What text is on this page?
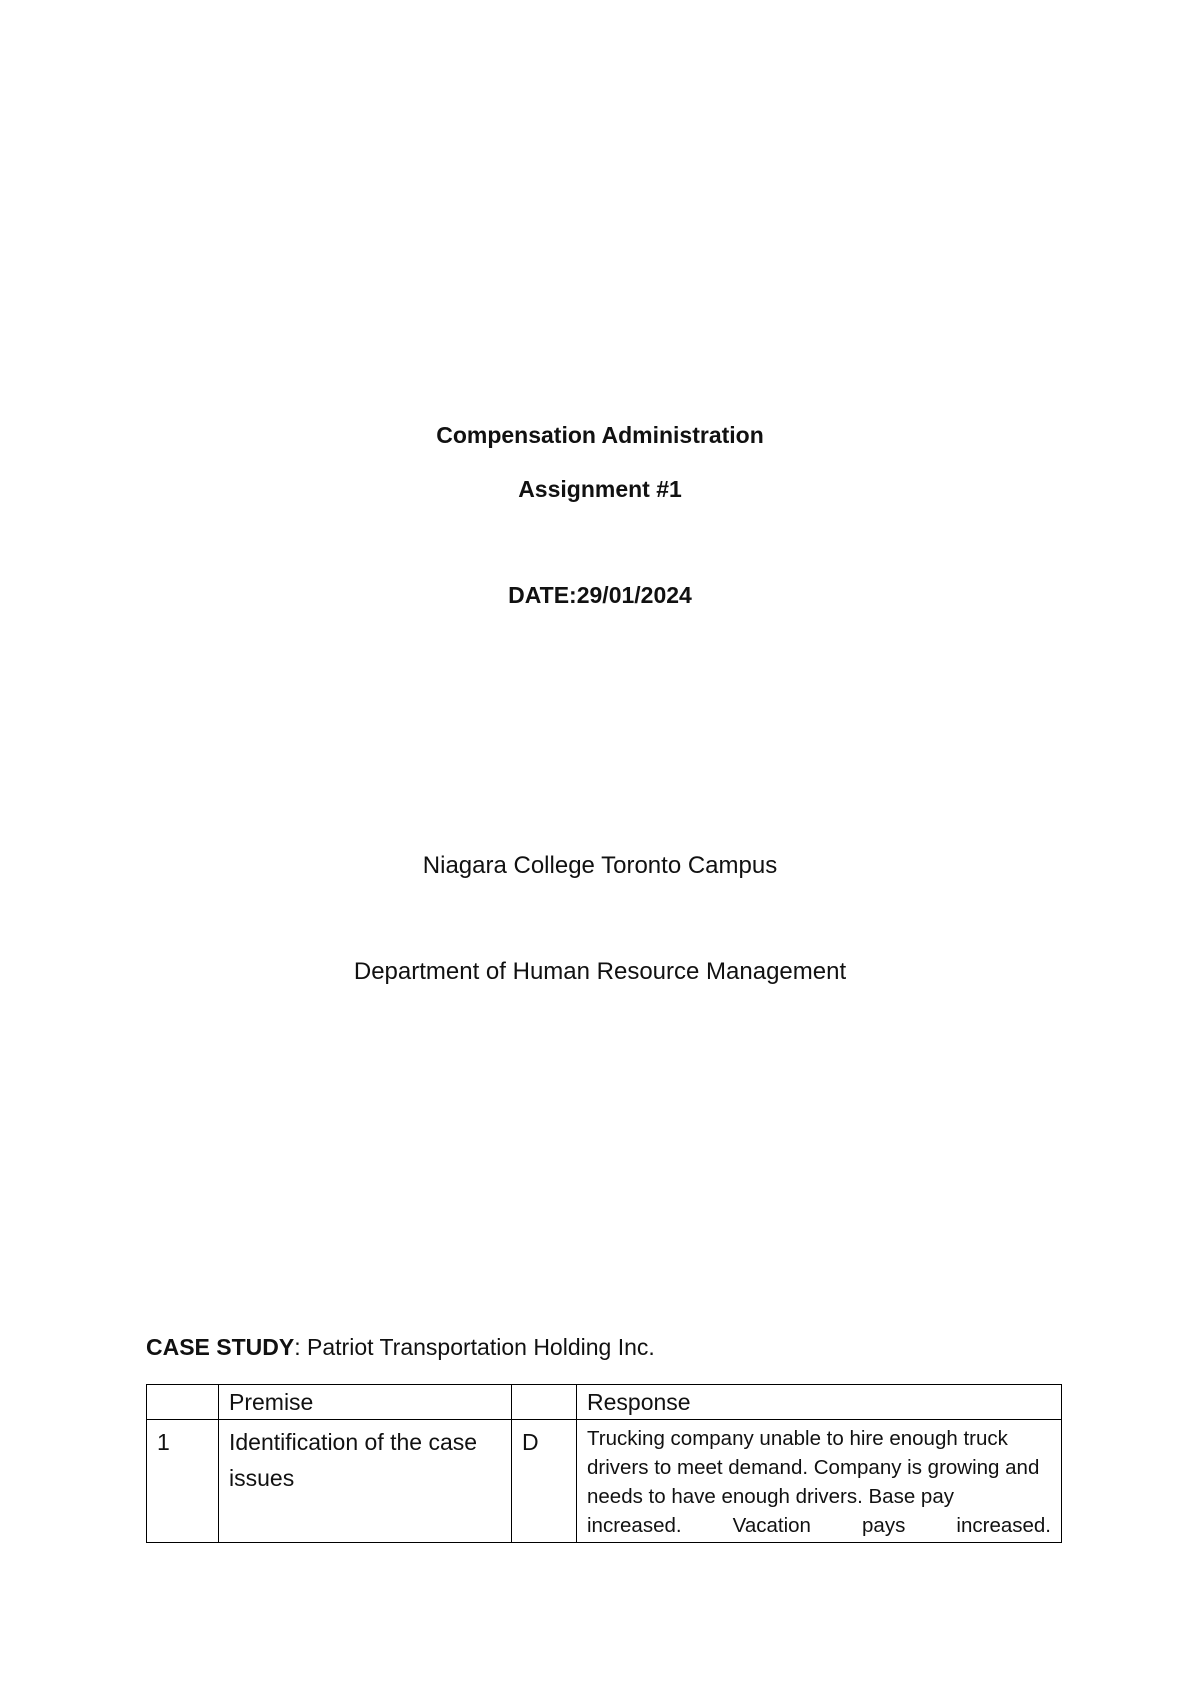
Compensation Administration
Assignment #1
DATE:29/01/2024
Niagara College Toronto Campus
Department of Human Resource Management
CASE STUDY: Patriot Transportation Holding Inc.
	Premise		Response
1	Identification of the case issues	D	Trucking company unable to hire enough truck drivers to meet demand. Company is growing and needs to have enough drivers. Base pay increased. Vacation pays increased.
